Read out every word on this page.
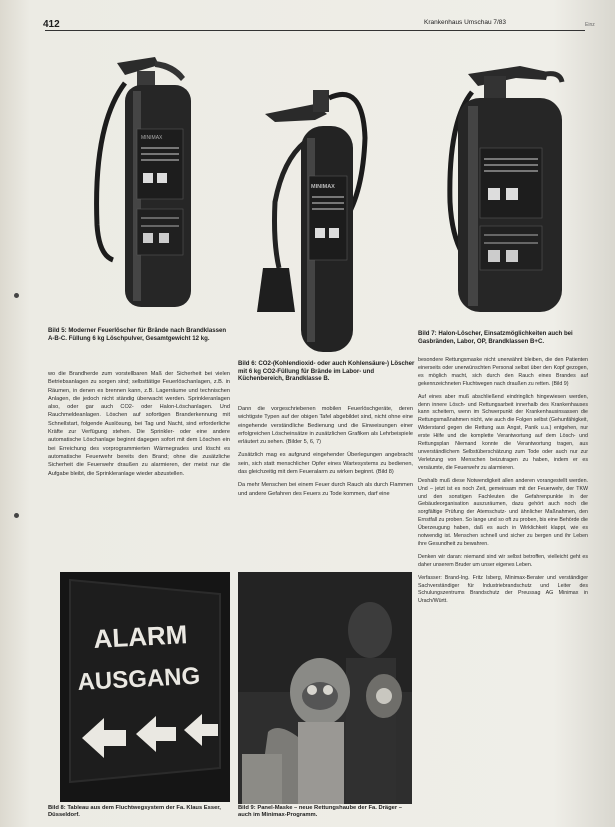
412	Krankenhaus Umschau 7/83	Einz
MINIMAX
MINIMAX
Bild 5: Moderner Feuerlöscher für Brände nach Brandklassen A-B-C. Füllung 6 kg Löschpulver, Gesamtgewicht 12 kg.
Bild 6: CO2-(Kohlendioxid- oder auch Kohlensäure-) Löscher mit 6 kg CO2-Füllung für Brände im Labor- und Küchenbereich, Brandklasse B.
Bild 7: Halon-Löscher, Einsatzmöglichkeiten auch bei Gasbränden, Labor, OP, Brandklassen B+C.

wo die Brandherde zum vorstellbaren Maß der Sicherheit bei vielen Betriebsanlagen zu sorgen sind; selbsttätige Feuerlöschanlagen, z.B. in Räumen, in denen es brennen kann, z.B. Lagerräume und technischen Anlagen, die jedoch nicht ständig überwacht werden. Sprinkleranlagen also, oder gar auch CO2- oder Halon-Löschanlagen. Und Rauchmeldeanlagen. Löschen auf sofortigen Branderkennung mit Schnellstart, folgende Auslösung, bei Tag und Nacht, sind erforderliche Kräfte zur Verfügung stehen. Die Sprinkler- oder eine andere automatische Löschanlage beginnt dagegen sofort mit dem Löschen ein bei Erreichung des vorprogrammierten Wärmegrades und löscht es automatische Feuerwehr bereits den Brand; ohne die zusätzliche Sicherheit die Feuerwehr draußen zu alarmieren, der meist nur die Aufgabe bleibt, die Sprinkleranlage wieder abzustellen.

Dann die vorgeschriebenen mobilen Feuerlöschgeräte, deren wichtigste Typen auf der obigen Tafel abgebildet sind, nicht ohne eine eingehende verständliche Bedienung und die Einweisungen einer erfolgreichen Löscheinsätze in zusätzlichen Grafiken als Lehrbeispiele erläutert zu sehen. (Bilder 5, 6, 7)

Zusätzlich mag es aufgrund eingehender Überlegungen angebracht sein, sich statt menschlicher Opfer eines Wartesystems zu bedienen, das gleichzeitig mit dem Feueralarm zu wirken beginnt. (Bild 8)

Da mehr Menschen bei einem Feuer durch Rauch als durch Flammen und andere Gefahren des Feuers zu Tode kommen, darf eine

besondere Rettungsmaske nicht unerwähnt bleiben, die den Patienten einerseits oder unerwünschten Personal selbst über den Kopf gezogen, es möglich macht, sich durch den Rauch eines Brandes auf gekennzeichneten Fluchtwegen nach draußen zu retten. (Bild 9)

Auf eines aber muß abschließend eindringlich hingewiesen werden, denn innere Lösch- und Rettungsarbeit innerhalb des Krankenhauses kann scheitern, wenn im Schwerpunkt der Krankenhausinsassen die Rettungsmaßnahmen nicht, wie auch die Folgen selbst (Gehunfähigkeit, Widerstand gegen die Rettung aus Angst, Panik u.a.) entgehen, nur erste Hilfe und die komplette Verantwortung auf dem Lösch- und Rettungsplan Niemand konnte die Verantwortung tragen, aus unverständlichem Selbstüberschätzung zum Tode oder auch nur zur Verletzung von Menschen beizutragen zu haben, indem er es versäumte, die Feuerwehr zu alarmieren.

Deshalb muß diese Notwendigkeit allen anderen vorangestellt werden. Und – jetzt ist es noch Zeit, gemeinsam mit der Feuerwehr, der TKW und den sonstigen Fachleuten die Gefahrenpunkte in der Gebäudeorganisation auszuräumen, dazu gehört auch noch die sorgfältige Prüfung der Atemschutz- und ähnlicher Maßnahmen, den Ernstfall zu proben. So lange und so oft zu proben, bis eine Behörde die Überzeugung haben, daß es auch in Wirklichkeit klappt, wie es notwendig ist. Menschen schnell und sicher zu bergen und ihr Leben ihre Gesundheit zu bewahren.

Denken wir daran: niemand sind wir selbst betroffen, vielleicht geht es daher unserem Bruder um unser eigenes Leben.

Verfasser: Brand-Ing. Fritz Isberg, Minimax-Berater und verständiger Sachverständiger für Industriebrandschutz und Leiter des Schulungszentrums Brandschutz der Preussag AG Minimax in Urach/Württ.

ALARM
AUSGANG
Bild 8: Tableau aus dem Fluchtwegsystem der Fa. Klaus Esser, Düsseldorf.
Bild 9: Panel-Maske – neue Rettungshaube der Fa. Dräger – auch im Minimax-Programm.
